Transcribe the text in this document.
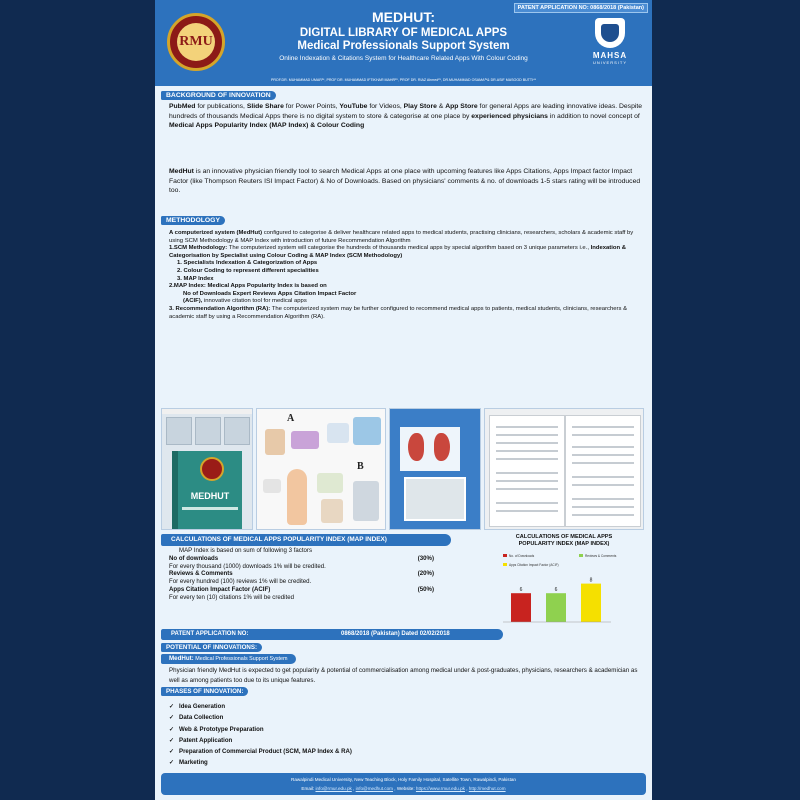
PATENT APPLICATION NO: 0868/2018 (Pakistan)
RMU
MEDHUT:
DIGITAL LIBRARY OF MEDICAL APPS
Medical Professionals Support System
Online Indexation & Citations System for Healthcare Related Apps With Colour Coding	MAHSA
UNIVERSITY
PROF.DR. MUHAMMAD UMAR¹*, PROF DR. MUHAMMAD IFTIKHAR MAHR²*, PROF DR. RIAZ Ahmed²*, DR.MUHAMMAD OSAMA³*& DR.ASIF MASOOD BUTTI⁴*
BACKGROUND OF INNOVATION
PubMed for publications, Slide Share for Power Points, YouTube for Videos, Play Store & App Store for general Apps are leading innovative ideas. Despite hundreds of thousands Medical Apps there is no digital system to store & categorise at one place by experienced physicians in addition to novel concept of Medical Apps Popularity Index (MAP Index) & Colour Coding
MedHut is an innovative physician friendly tool to search Medical Apps at one place with upcoming features like Apps Citations, Apps Impact factor Impact Factor (like Thompson Reuters ISI Impact Factor) & No of Downloads. Based on physicians' comments & no. of downloads 1-5 stars rating will be introduced too.
METHODOLOGY
A computerized system (MedHut) configured to categorise & deliver healthcare related apps to medical students, practising clinicians, researchers, scholars & academic staff by using SCM Methodology & MAP Index with introduction of future Recommendation Algorithm
1.SCM Methodology: The computerized system will categorise the hundreds of thousands medical apps by special algorithm based on 3 unique parameters i.e., Indexation & Categorisation by Specialist using Colour Coding & MAP Index (SCM Methodology)
1. Specialists Indexation & Categorization of Apps
2. Colour Coding to represent different specialities
3. MAP Index
2.MAP Index: Medical Apps Popularity Index is based on
No of Downloads Expert Reviews Apps Citation Impact Factor
(ACIF), innovative citation tool for medical apps
3. Recommendation Algorithm (RA): The computerized system may be further configured to recommend medical apps to patients, medical students, clinicians, researchers & academic staff by using a Recommendation Algorithm (RA).
MEDHUT
A
B
CALCULATIONS OF MEDICAL APPS POPULARITY INDEX (MAP INDEX)
MAP Index is based on sum of following 3 factors
No of downloads	(30%)
For every thousand (1000) downloads 1% will be credited.
Reviews & Comments	(20%)
For every hundred (100) reviews 1% will be credited.
Apps Citation Impact Factor (ACIF)	(50%)
For every ten (10) citations 1% will be credited
CALCULATIONS OF MEDICAL APPS
POPULARITY INDEX (MAP INDEX)
No. of Downloads	Reviews & Comments
Apps Citation Impact Factor (ACIF)
6	6
8
PATENT APPLICATION NO:	0868/2018 (Pakistan) Dated 02/02/2018
POTENTIAL OF INNOVATIONS:
MedHut: Medical Professionals Support System
Physician friendly MedHut is expected to get popularity & potential of commercialisation among medical under & post-graduates, physicians, researchers & academician as well as among patients too due to its unique features.
PHASES OF INNOVATION:
✓ Idea Generation
✓ Data Collection
✓ Web & Prototype Preparation
✓ Patent Application
✓ Preparation of Commercial Product (SCM, MAP Index & RA)
✓ Marketing
Rawalpindi Medical University, New Teaching Block, Holy Family Hospital, Satellite Town, Rawalpindi, Pakistan
Email: info@rmur.edu.pk , info@medhut.com , Website: https://www.rmur.edu.pk , http://medhut.com
